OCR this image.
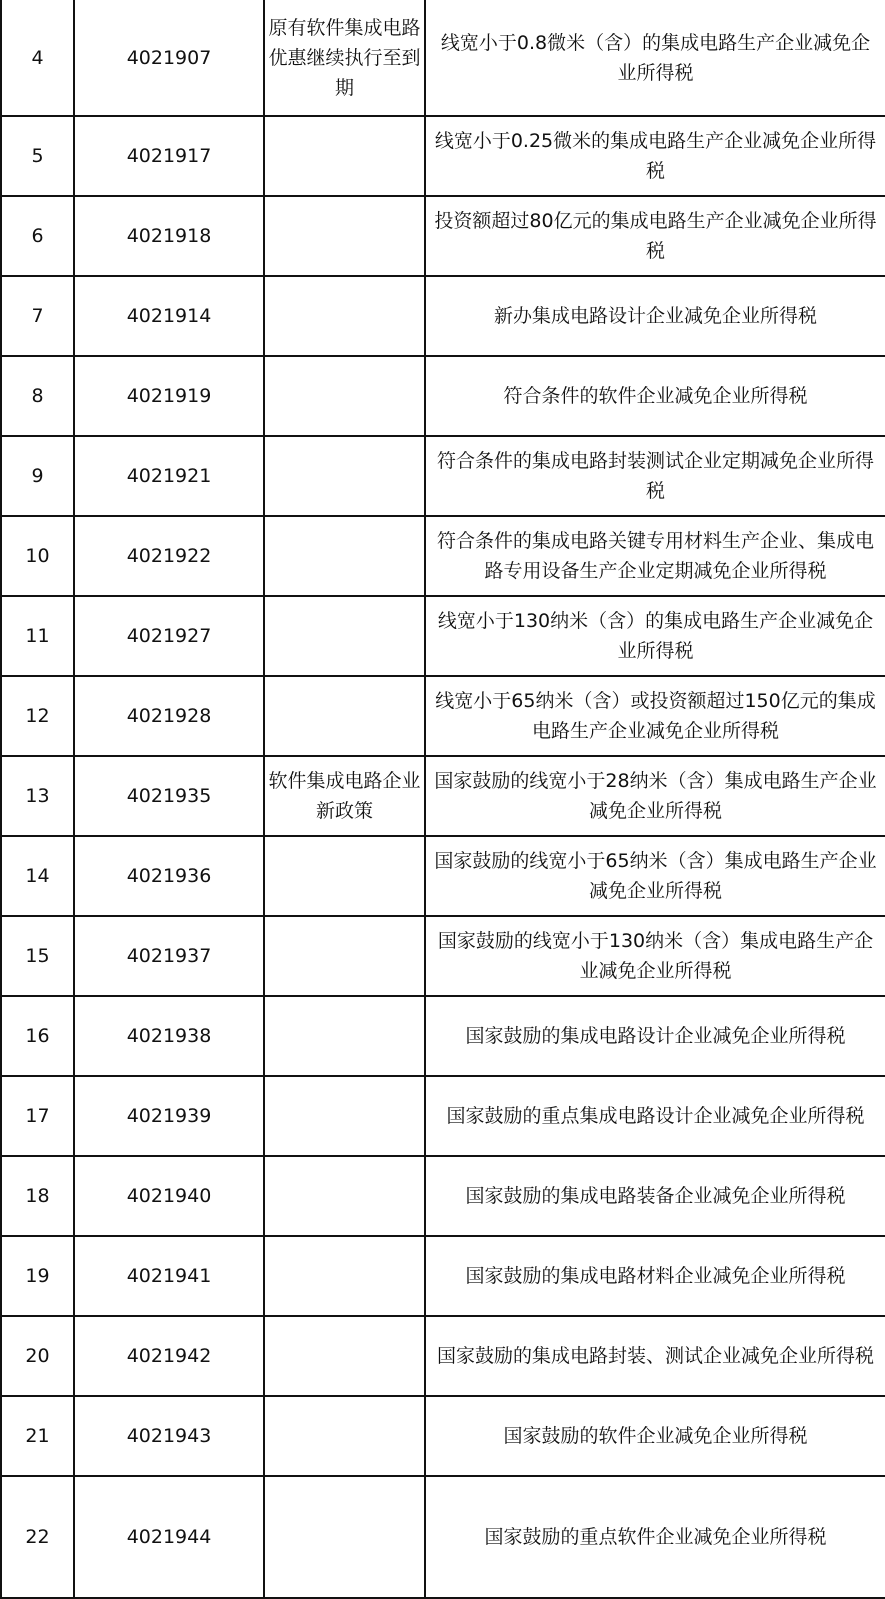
4	4021907	原有软件集成电路优惠继续执行至到期	线宽小于0.8微米（含）的集成电路生产企业减免企业所得税
5	4021917		线宽小于0.25微米的集成电路生产企业减免企业所得税
6	4021918		投资额超过80亿元的集成电路生产企业减免企业所得税
7	4021914		新办集成电路设计企业减免企业所得税
8	4021919		符合条件的软件企业减免企业所得税
9	4021921		符合条件的集成电路封装测试企业定期减免企业所得税
10	4021922		符合条件的集成电路关键专用材料生产企业、集成电路专用设备生产企业定期减免企业所得税
11	4021927		线宽小于130纳米（含）的集成电路生产企业减免企业所得税
12	4021928		线宽小于65纳米（含）或投资额超过150亿元的集成电路生产企业减免企业所得税
13	4021935	软件集成电路企业新政策	国家鼓励的线宽小于28纳米（含）集成电路生产企业减免企业所得税
14	4021936		国家鼓励的线宽小于65纳米（含）集成电路生产企业减免企业所得税
15	4021937		国家鼓励的线宽小于130纳米（含）集成电路生产企业减免企业所得税
16	4021938		国家鼓励的集成电路设计企业减免企业所得税
17	4021939		国家鼓励的重点集成电路设计企业减免企业所得税
18	4021940		国家鼓励的集成电路装备企业减免企业所得税
19	4021941		国家鼓励的集成电路材料企业减免企业所得税
20	4021942		国家鼓励的集成电路封装、测试企业减免企业所得税
21	4021943		国家鼓励的软件企业减免企业所得税
22	4021944		国家鼓励的重点软件企业减免企业所得税
